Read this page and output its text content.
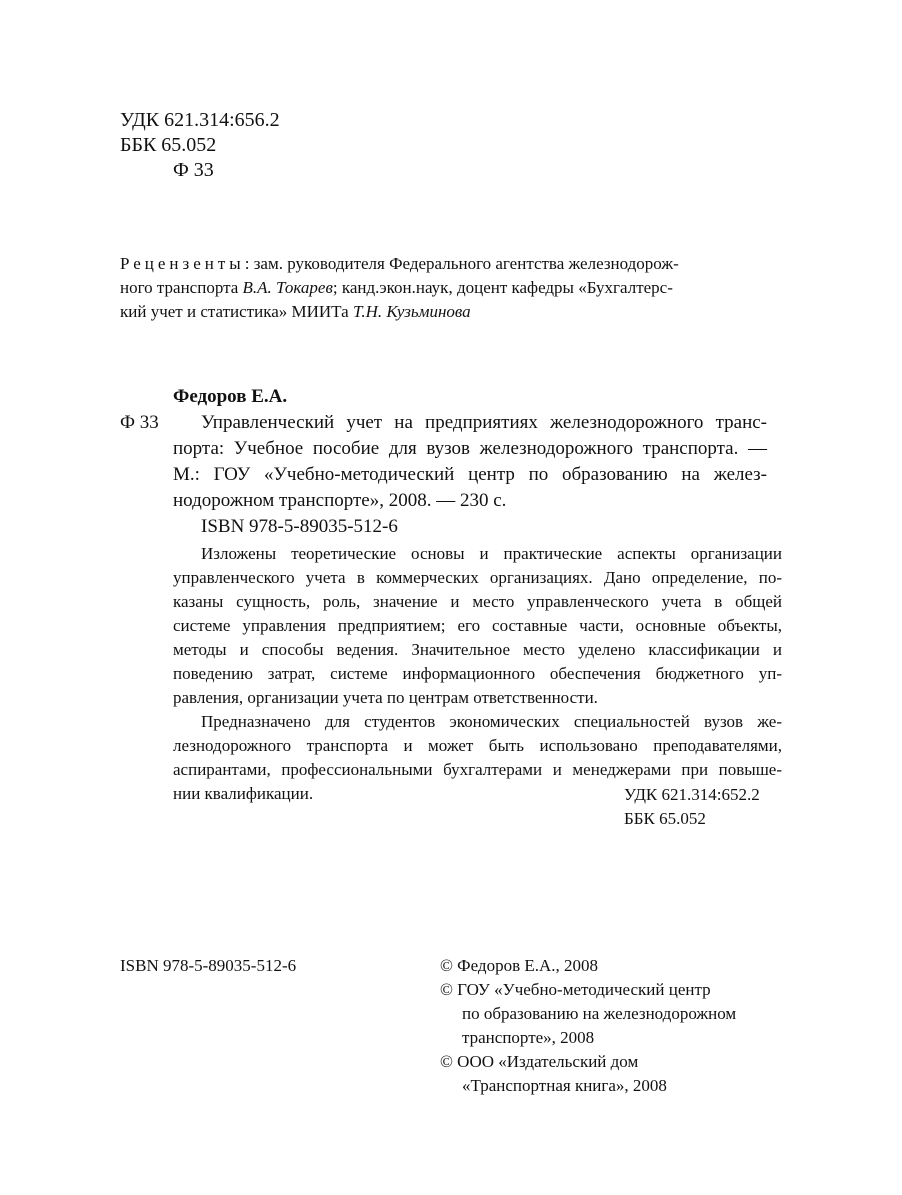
УДК 621.314:656.2
ББК 65.052
Ф 33
Рецензенты: зам. руководителя Федерального агентства железнодорож-
ного транспорта В.А. Токарев; канд.экон.наук, доцент кафедры «Бухгалтерс-
кий учет и статистика» МИИТа Т.Н. Кузьминова
Федоров Е.А.
Ф 33 Управленческий учет на предприятиях железнодорожного транс-
порта: Учебное пособие для вузов железнодорожного транспорта. —
М.: ГОУ «Учебно-методический центр по образованию на желез-
нодорожном транспорте», 2008. — 230 с.
ISBN 978-5-89035-512-6
Изложены теоретические основы и практические аспекты организации
управленческого учета в коммерческих организациях. Дано определение, по-
казаны сущность, роль, значение и место управленческого учета в общей
системе управления предприятием; его составные части, основные объекты,
методы и способы ведения. Значительное место уделено классификации и
поведению затрат, системе информационного обеспечения бюджетного уп-
равления, организации учета по центрам ответственности.
Предназначено для студентов экономических специальностей вузов же-
лезнодорожного транспорта и может быть использовано преподавателями,
аспирантами, профессиональными бухгалтерами и менеджерами при повыше-
нии квалификации.	УДК 621.314:652.2
ББК 65.052
ISBN 978-5-89035-512-6	© Федоров Е.А., 2008
© ГОУ «Учебно-методический центр
по образованию на железнодорожном
транспорте», 2008
© ООО «Издательский дом
«Транспортная книга», 2008
